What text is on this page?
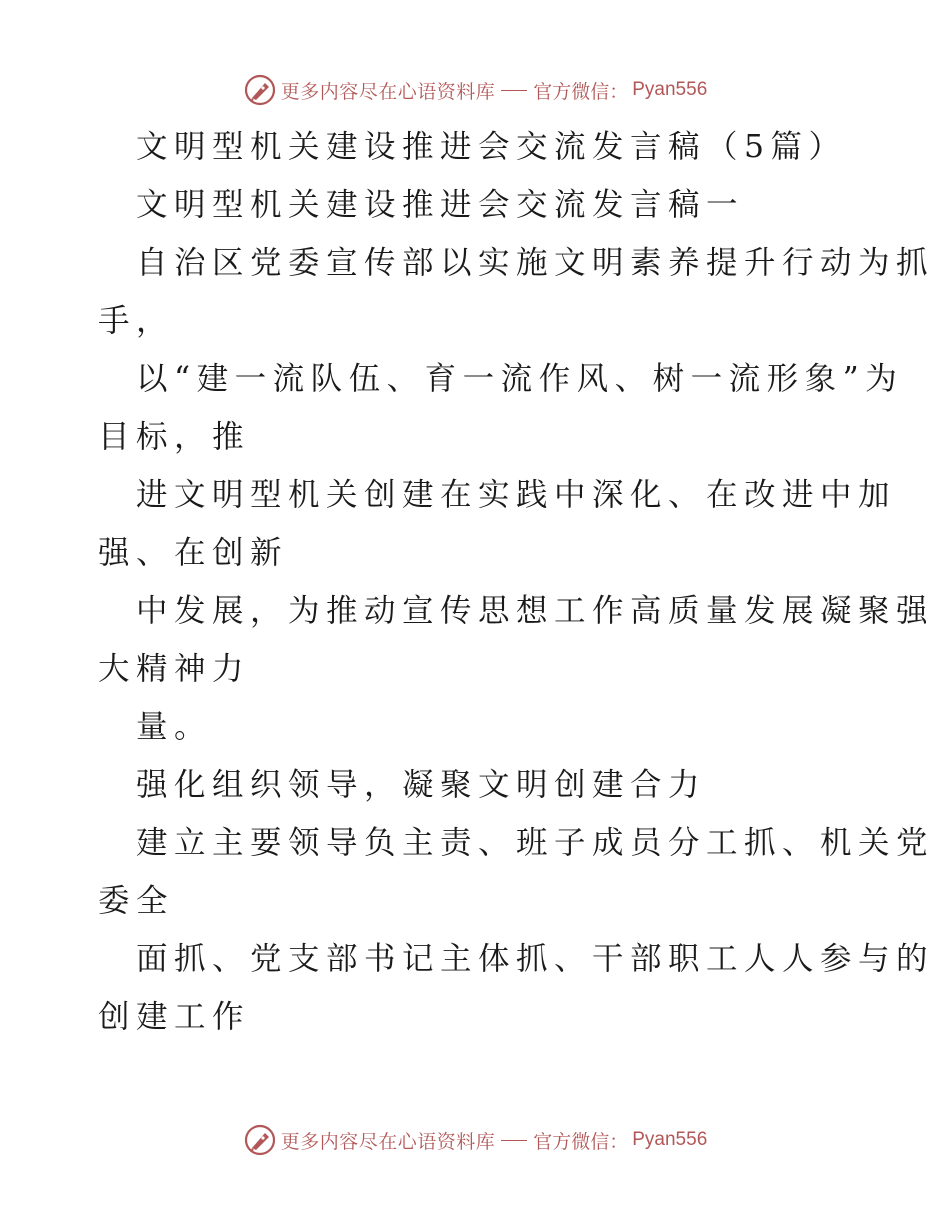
更多内容尽在心语资料库 官方微信： Pyan556
文明型机关建设推进会交流发言稿（5篇）
文明型机关建设推进会交流发言稿一
自治区党委宣传部以实施文明素养提升行动为抓
手，
以“建一流队伍、育一流作风、树一流形象”为
目标，推
进文明型机关创建在实践中深化、在改进中加
强、在创新
中发展，为推动宣传思想工作高质量发展凝聚强
大精神力
量。
强化组织领导，凝聚文明创建合力
建立主要领导负主责、班子成员分工抓、机关党
委全
面抓、党支部书记主体抓、干部职工人人参与的
创建工作
更多内容尽在心语资料库 官方微信： Pyan556
